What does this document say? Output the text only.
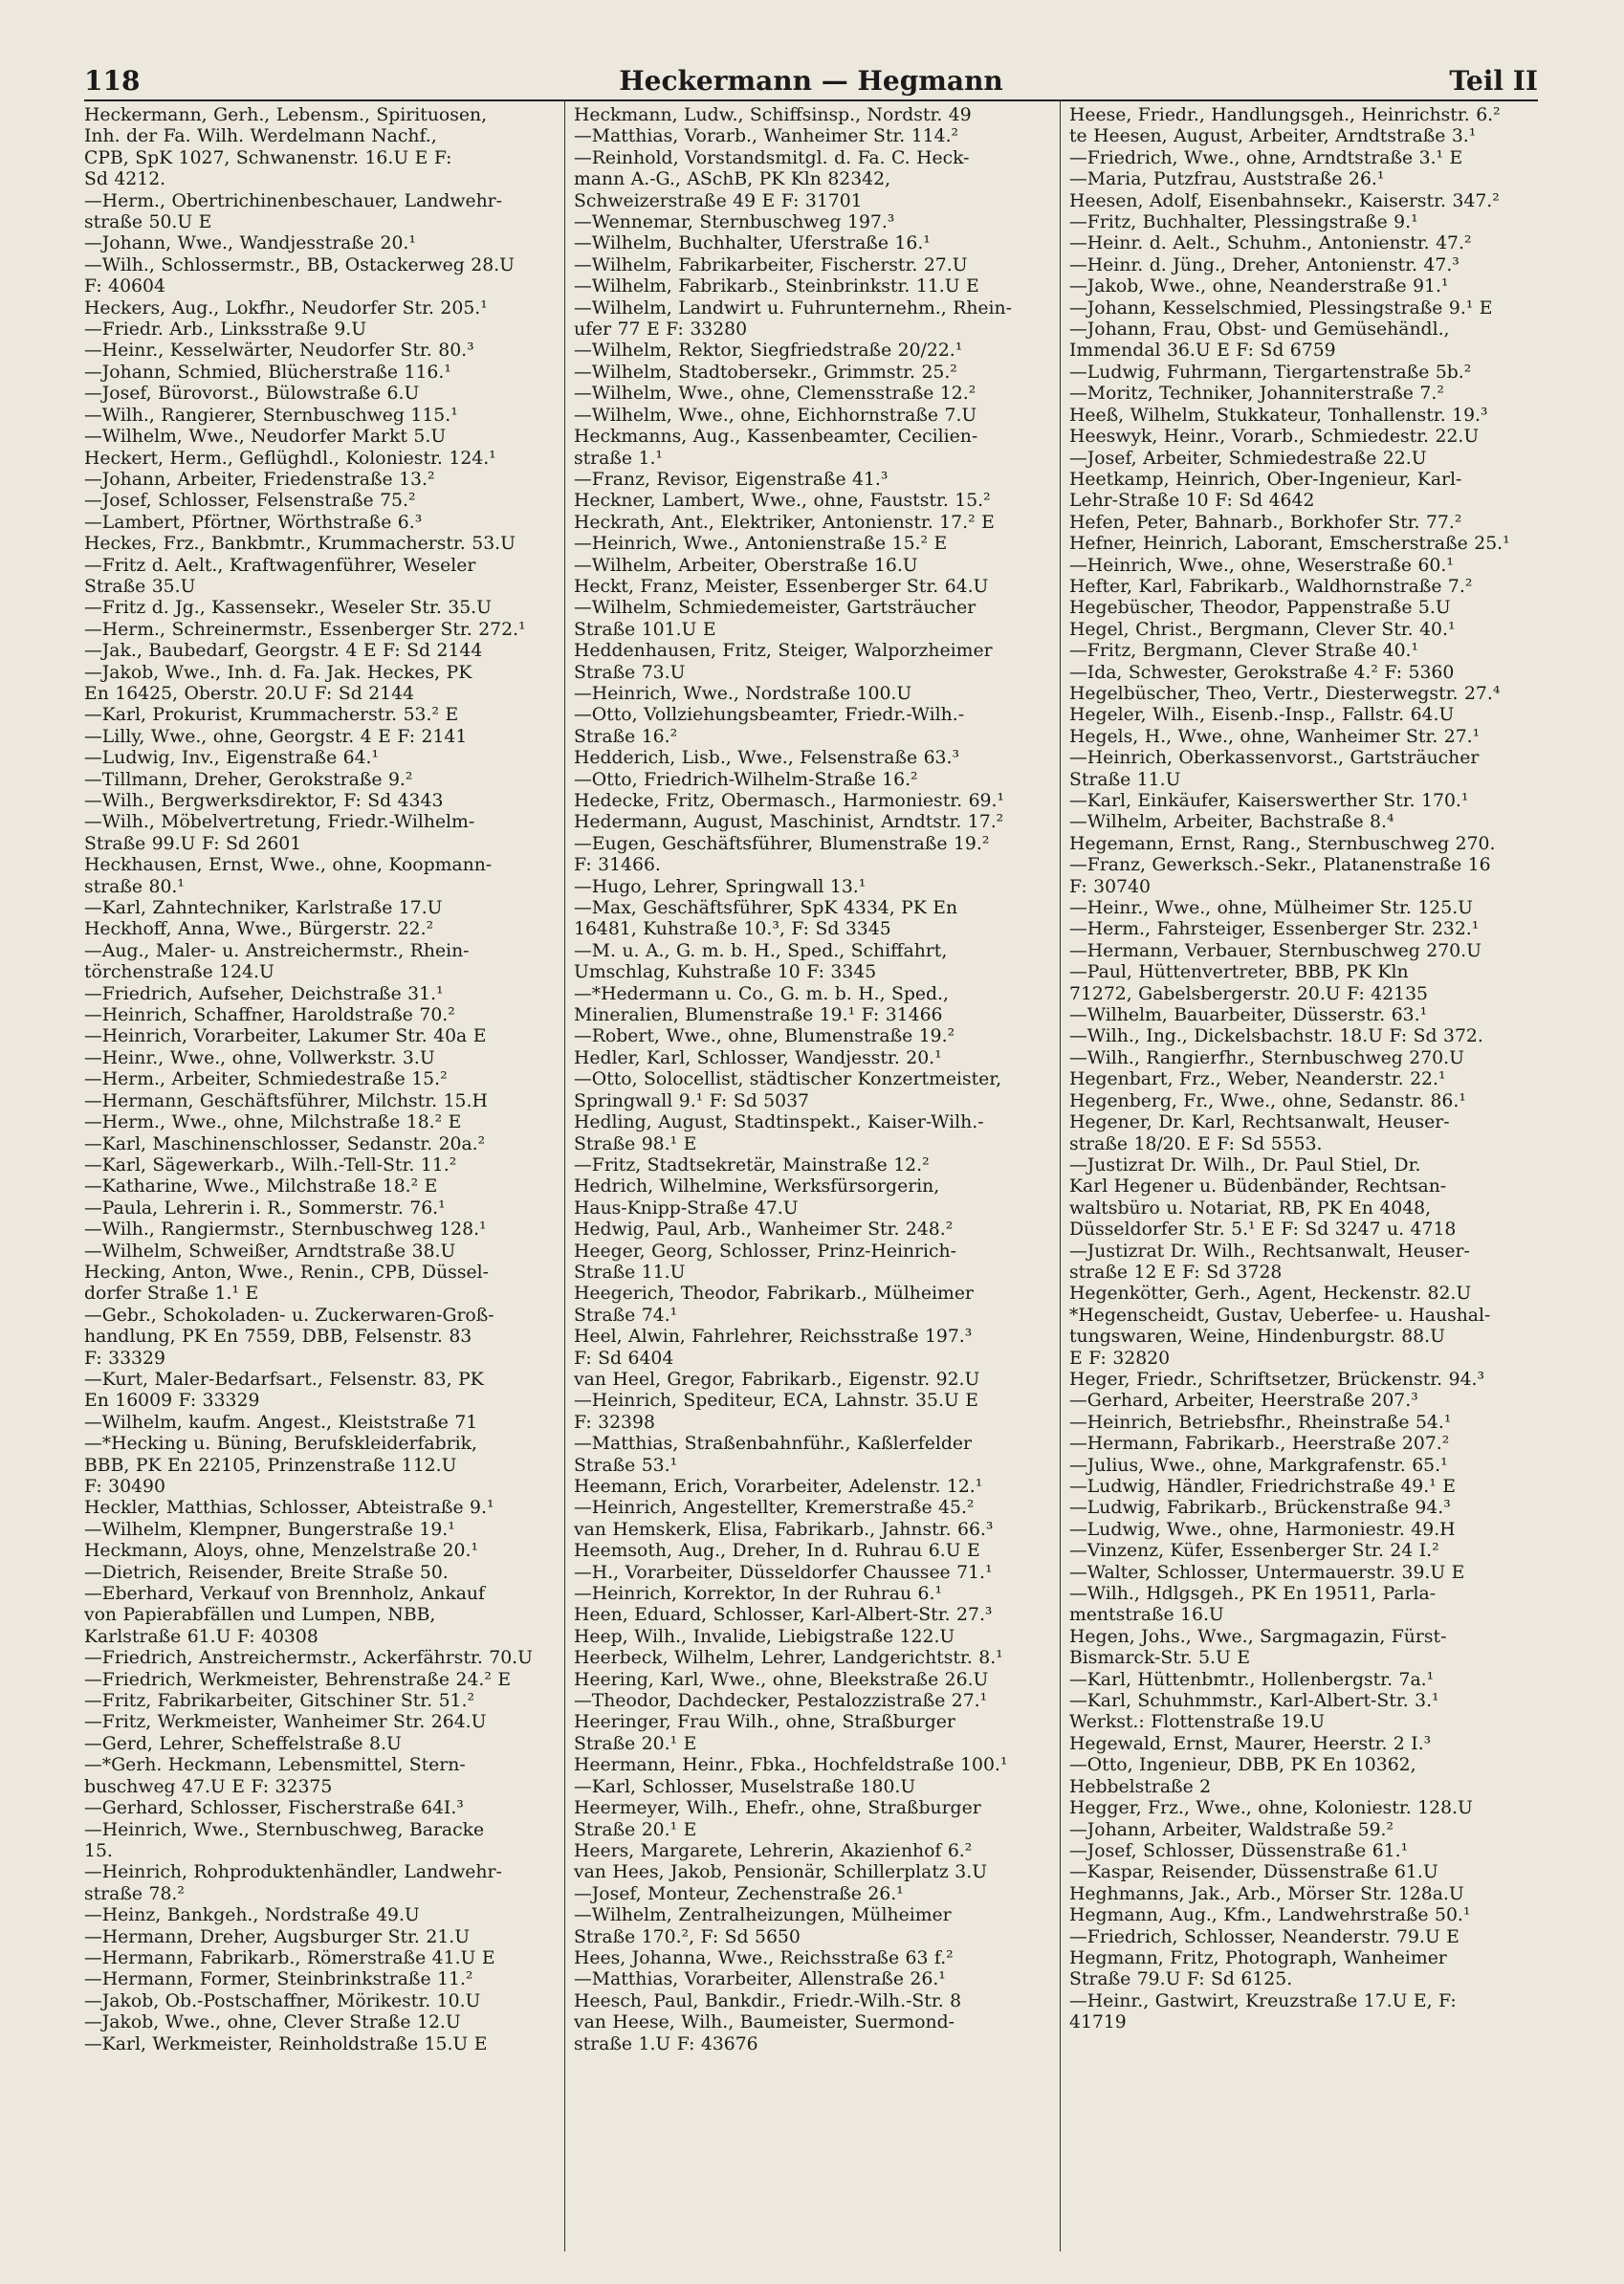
118	Heckermann — Hegmann	Teil II
Heckermann, Gerh., Lebensm., Spirituosen,
Inh. der Fa. Wilh. Werdelmann Nachf.,
CPB, SpK 1027, Schwanenstr. 16.U E F:
Sd 4212.
—Herm., Obertrichinenbeschauer, Landwehr-
straße 50.U E
—Johann, Wwe., Wandjesstraße 20.¹
—Wilh., Schlossermstr., BB, Ostackerweg 28.U
F: 40604
Heckers, Aug., Lokfhr., Neudorfer Str. 205.¹
—Friedr. Arb., Linksstraße 9.U
—Heinr., Kesselwärter, Neudorfer Str. 80.³
—Johann, Schmied, Blücherstraße 116.¹
—Josef, Bürovorst., Bülowstraße 6.U
—Wilh., Rangierer, Sternbuschweg 115.¹
—Wilhelm, Wwe., Neudorfer Markt 5.U
Heckert, Herm., Geflüghdl., Koloniestr. 124.¹
—Johann, Arbeiter, Friedenstraße 13.²
—Josef, Schlosser, Felsenstraße 75.²
—Lambert, Pförtner, Wörthstraße 6.³
Heckes, Frz., Bankbmtr., Krummacherstr. 53.U
—Fritz d. Aelt., Kraftwagenführer, Weseler
Straße 35.U
—Fritz d. Jg., Kassensekr., Weseler Str. 35.U
—Herm., Schreinermstr., Essenberger Str. 272.¹
—Jak., Baubedarf, Georgstr. 4 E F: Sd 2144
—Jakob, Wwe., Inh. d. Fa. Jak. Heckes, PK
En 16425, Oberstr. 20.U F: Sd 2144
—Karl, Prokurist, Krummacherstr. 53.² E
—Lilly, Wwe., ohne, Georgstr. 4 E F: 2141
—Ludwig, Inv., Eigenstraße 64.¹
—Tillmann, Dreher, Gerokstraße 9.²
—Wilh., Bergwerksdirektor, F: Sd 4343
—Wilh., Möbelvertretung, Friedr.-Wilhelm-
Straße 99.U F: Sd 2601
Heckhausen, Ernst, Wwe., ohne, Koopmann-
straße 80.¹
—Karl, Zahntechniker, Karlstraße 17.U
Heckhoff, Anna, Wwe., Bürgerstr. 22.²
—Aug., Maler- u. Anstreichermstr., Rhein-
törchenstraße 124.U
—Friedrich, Aufseher, Deichstraße 31.¹
—Heinrich, Schaffner, Haroldstraße 70.²
—Heinrich, Vorarbeiter, Lakumer Str. 40a E
—Heinr., Wwe., ohne, Vollwerkstr. 3.U
—Herm., Arbeiter, Schmiedestraße 15.²
—Hermann, Geschäftsführer, Milchstr. 15.H
—Herm., Wwe., ohne, Milchstraße 18.² E
—Karl, Maschinenschlosser, Sedanstr. 20a.²
—Karl, Sägewerkarb., Wilh.-Tell-Str. 11.²
—Katharine, Wwe., Milchstraße 18.² E
—Paula, Lehrerin i. R., Sommerstr. 76.¹
—Wilh., Rangiermstr., Sternbuschweg 128.¹
—Wilhelm, Schweißer, Arndtstraße 38.U
Hecking, Anton, Wwe., Renin., CPB, Düssel-
dorfer Straße 1.¹ E
—Gebr., Schokoladen- u. Zuckerwaren-Groß-
handlung, PK En 7559, DBB, Felsenstr. 83
F: 33329
—Kurt, Maler-Bedarfsart., Felsenstr. 83, PK
En 16009 F: 33329
—Wilhelm, kaufm. Angest., Kleiststraße 71
—*Hecking u. Büning, Berufskleiderfabrik,
BBB, PK En 22105, Prinzenstraße 112.U
F: 30490
Heckler, Matthias, Schlosser, Abteistraße 9.¹
—Wilhelm, Klempner, Bungerstraße 19.¹
Heckmann, Aloys, ohne, Menzelstraße 20.¹
—Dietrich, Reisender, Breite Straße 50.
—Eberhard, Verkauf von Brennholz, Ankauf
von Papierabfällen und Lumpen, NBB,
Karlstraße 61.U F: 40308
—Friedrich, Anstreichermstr., Ackerfährstr. 70.U
—Friedrich, Werkmeister, Behrenstraße 24.² E
—Fritz, Fabrikarbeiter, Gitschiner Str. 51.²
—Fritz, Werkmeister, Wanheimer Str. 264.U
—Gerd, Lehrer, Scheffelstraße 8.U
—*Gerh. Heckmann, Lebensmittel, Stern-
buschweg 47.U E F: 32375
—Gerhard, Schlosser, Fischerstraße 64I.³
—Heinrich, Wwe., Sternbuschweg, Baracke
15.
—Heinrich, Rohproduktenhändler, Landwehr-
straße 78.²
—Heinz, Bankgeh., Nordstraße 49.U
—Hermann, Dreher, Augsburger Str. 21.U
—Hermann, Fabrikarb., Römerstraße 41.U E
—Hermann, Former, Steinbrinkstraße 11.²
—Jakob, Ob.-Postschaffner, Mörikestr. 10.U
—Jakob, Wwe., ohne, Clever Straße 12.U
—Karl, Werkmeister, Reinholdstraße 15.U E
Heckmann, Ludw., Schiffsinsp., Nordstr. 49
—Matthias, Vorarb., Wanheimer Str. 114.²
—Reinhold, Vorstandsmitgl. d. Fa. C. Heck-
mann A.-G., ASchB, PK Kln 82342,
Schweizerstraße 49 E F: 31701
—Wennemar, Sternbuschweg 197.³
—Wilhelm, Buchhalter, Uferstraße 16.¹
—Wilhelm, Fabrikarbeiter, Fischerstr. 27.U
—Wilhelm, Fabrikarb., Steinbrinkstr. 11.U E
—Wilhelm, Landwirt u. Fuhrunternehm., Rhein-
ufer 77 E F: 33280
—Wilhelm, Rektor, Siegfriedstraße 20/22.¹
—Wilhelm, Stadtobersekr., Grimmstr. 25.²
—Wilhelm, Wwe., ohne, Clemensstraße 12.²
—Wilhelm, Wwe., ohne, Eichhornstraße 7.U
Heckmanns, Aug., Kassenbeamter, Cecilien-
straße 1.¹
—Franz, Revisor, Eigenstraße 41.³
Heckner, Lambert, Wwe., ohne, Fauststr. 15.²
Heckrath, Ant., Elektriker, Antonienstr. 17.² E
—Heinrich, Wwe., Antonienstraße 15.² E
—Wilhelm, Arbeiter, Oberstraße 16.U
Heckt, Franz, Meister, Essenberger Str. 64.U
—Wilhelm, Schmiedemeister, Gartsträucher
Straße 101.U E
Heddenhausen, Fritz, Steiger, Walporzheimer
Straße 73.U
—Heinrich, Wwe., Nordstraße 100.U
—Otto, Vollziehungsbeamter, Friedr.-Wilh.-
Straße 16.²
Hedderich, Lisb., Wwe., Felsenstraße 63.³
—Otto, Friedrich-Wilhelm-Straße 16.²
Hedecke, Fritz, Obermasch., Harmoniestr. 69.¹
Hedermann, August, Maschinist, Arndtstr. 17.²
—Eugen, Geschäftsführer, Blumenstraße 19.²
F: 31466.
—Hugo, Lehrer, Springwall 13.¹
—Max, Geschäftsführer, SpK 4334, PK En
16481, Kuhstraße 10.³, F: Sd 3345
—M. u. A., G. m. b. H., Sped., Schiffahrt,
Umschlag, Kuhstraße 10 F: 3345
—*Hedermann u. Co., G. m. b. H., Sped.,
Mineralien, Blumenstraße 19.¹ F: 31466
—Robert, Wwe., ohne, Blumenstraße 19.²
Hedler, Karl, Schlosser, Wandjesstr. 20.¹
—Otto, Solocellist, städtischer Konzertmeister,
Springwall 9.¹ F: Sd 5037
Hedling, August, Stadtinspekt., Kaiser-Wilh.-
Straße 98.¹ E
—Fritz, Stadtsekretär, Mainstraße 12.²
Hedrich, Wilhelmine, Werksfürsorgerin,
Haus-Knipp-Straße 47.U
Hedwig, Paul, Arb., Wanheimer Str. 248.²
Heeger, Georg, Schlosser, Prinz-Heinrich-
Straße 11.U
Heegerich, Theodor, Fabrikarb., Mülheimer
Straße 74.¹
Heel, Alwin, Fahrlehrer, Reichsstraße 197.³
F: Sd 6404
van Heel, Gregor, Fabrikarb., Eigenstr. 92.U
—Heinrich, Spediteur, ECA, Lahnstr. 35.U E
F: 32398
—Matthias, Straßenbahnführ., Kaßlerfelder
Straße 53.¹
Heemann, Erich, Vorarbeiter, Adelenstr. 12.¹
—Heinrich, Angestellter, Kremerstraße 45.²
van Hemskerk, Elisa, Fabrikarb., Jahnstr. 66.³
Heemsoth, Aug., Dreher, In d. Ruhrau 6.U E
—H., Vorarbeiter, Düsseldorfer Chaussee 71.¹
—Heinrich, Korrektor, In der Ruhrau 6.¹
Heen, Eduard, Schlosser, Karl-Albert-Str. 27.³
Heep, Wilh., Invalide, Liebigstraße 122.U
Heerbeck, Wilhelm, Lehrer, Landgerichtstr. 8.¹
Heering, Karl, Wwe., ohne, Bleekstraße 26.U
—Theodor, Dachdecker, Pestalozzistraße 27.¹
Heeringer, Frau Wilh., ohne, Straßburger
Straße 20.¹ E
Heermann, Heinr., Fbka., Hochfeldstraße 100.¹
—Karl, Schlosser, Muselstraße 180.U
Heermeyer, Wilh., Ehefr., ohne, Straßburger
Straße 20.¹ E
Heers, Margarete, Lehrerin, Akazienhof 6.²
van Hees, Jakob, Pensionär, Schillerplatz 3.U
—Josef, Monteur, Zechenstraße 26.¹
—Wilhelm, Zentralheizungen, Mülheimer
Straße 170.², F: Sd 5650
Hees, Johanna, Wwe., Reichsstraße 63 f.²
—Matthias, Vorarbeiter, Allenstraße 26.¹
Heesch, Paul, Bankdir., Friedr.-Wilh.-Str. 8
van Heese, Wilh., Baumeister, Suermond-
straße 1.U F: 43676
Heese, Friedr., Handlungsgeh., Heinrichstr. 6.²
te Heesen, August, Arbeiter, Arndtstraße 3.¹
—Friedrich, Wwe., ohne, Arndtstraße 3.¹ E
—Maria, Putzfrau, Auststraße 26.¹
Heesen, Adolf, Eisenbahnsekr., Kaiserstr. 347.²
—Fritz, Buchhalter, Plessingstraße 9.¹
—Heinr. d. Aelt., Schuhm., Antonienstr. 47.²
—Heinr. d. Jüng., Dreher, Antonienstr. 47.³
—Jakob, Wwe., ohne, Neanderstraße 91.¹
—Johann, Kesselschmied, Plessingstraße 9.¹ E
—Johann, Frau, Obst- und Gemüsehändl.,
Immendal 36.U E F: Sd 6759
—Ludwig, Fuhrmann, Tiergartenstraße 5b.²
—Moritz, Techniker, Johanniterstraße 7.²
Heeß, Wilhelm, Stukkateur, Tonhallenstr. 19.³
Heeswyk, Heinr., Vorarb., Schmiedestr. 22.U
—Josef, Arbeiter, Schmiedestraße 22.U
Heetkamp, Heinrich, Ober-Ingenieur, Karl-
Lehr-Straße 10 F: Sd 4642
Hefen, Peter, Bahnarb., Borkhofer Str. 77.²
Hefner, Heinrich, Laborant, Emscherstraße 25.¹
—Heinrich, Wwe., ohne, Weserstraße 60.¹
Hefter, Karl, Fabrikarb., Waldhornstraße 7.²
Hegebüscher, Theodor, Pappenstraße 5.U
Hegel, Christ., Bergmann, Clever Str. 40.¹
—Fritz, Bergmann, Clever Straße 40.¹
—Ida, Schwester, Gerokstraße 4.² F: 5360
Hegelbüscher, Theo, Vertr., Diesterwegstr. 27.⁴
Hegeler, Wilh., Eisenb.-Insp., Fallstr. 64.U
Hegels, H., Wwe., ohne, Wanheimer Str. 27.¹
—Heinrich, Oberkassenvorst., Gartsträucher
Straße 11.U
—Karl, Einkäufer, Kaiserswerther Str. 170.¹
—Wilhelm, Arbeiter, Bachstraße 8.⁴
Hegemann, Ernst, Rang., Sternbuschweg 270.
—Franz, Gewerksch.-Sekr., Platanenstraße 16
F: 30740
—Heinr., Wwe., ohne, Mülheimer Str. 125.U
—Herm., Fahrsteiger, Essenberger Str. 232.¹
—Hermann, Verbauer, Sternbuschweg 270.U
—Paul, Hüttenvertreter, BBB, PK Kln
71272, Gabelsbergerstr. 20.U F: 42135
—Wilhelm, Bauarbeiter, Düsserstr. 63.¹
—Wilh., Ing., Dickelsbachstr. 18.U F: Sd 372.
—Wilh., Rangierfhr., Sternbuschweg 270.U
Hegenbart, Frz., Weber, Neanderstr. 22.¹
Hegenberg, Fr., Wwe., ohne, Sedanstr. 86.¹
Hegener, Dr. Karl, Rechtsanwalt, Heuser-
straße 18/20. E F: Sd 5553.
—Justizrat Dr. Wilh., Dr. Paul Stiel, Dr.
Karl Hegener u. Büdenbänder, Rechtsan-
waltsbüro u. Notariat, RB, PK En 4048,
Düsseldorfer Str. 5.¹ E F: Sd 3247 u. 4718
—Justizrat Dr. Wilh., Rechtsanwalt, Heuser-
straße 12 E F: Sd 3728
Hegenkötter, Gerh., Agent, Heckenstr. 82.U
*Hegenscheidt, Gustav, Ueberfee- u. Haushal-
tungswaren, Weine, Hindenburgstr. 88.U
E F: 32820
Heger, Friedr., Schriftsetzer, Brückenstr. 94.³
—Gerhard, Arbeiter, Heerstraße 207.³
—Heinrich, Betriebsfhr., Rheinstraße 54.¹
—Hermann, Fabrikarb., Heerstraße 207.²
—Julius, Wwe., ohne, Markgrafenstr. 65.¹
—Ludwig, Händler, Friedrichstraße 49.¹ E
—Ludwig, Fabrikarb., Brückenstraße 94.³
—Ludwig, Wwe., ohne, Harmoniestr. 49.H
—Vinzenz, Küfer, Essenberger Str. 24 I.²
—Walter, Schlosser, Untermauerstr. 39.U E
—Wilh., Hdlgsgeh., PK En 19511, Parla-
mentstraße 16.U
Hegen, Johs., Wwe., Sargmagazin, Fürst-
Bismarck-Str. 5.U E
—Karl, Hüttenbmtr., Hollenbergstr. 7a.¹
—Karl, Schuhmmstr., Karl-Albert-Str. 3.¹
Werkst.: Flottenstraße 19.U
Hegewald, Ernst, Maurer, Heerstr. 2 I.³
—Otto, Ingenieur, DBB, PK En 10362,
Hebbelstraße 2
Hegger, Frz., Wwe., ohne, Koloniestr. 128.U
—Johann, Arbeiter, Waldstraße 59.²
—Josef, Schlosser, Düssenstraße 61.¹
—Kaspar, Reisender, Düssenstraße 61.U
Heghmanns, Jak., Arb., Mörser Str. 128a.U
Hegmann, Aug., Kfm., Landwehrstraße 50.¹
—Friedrich, Schlosser, Neanderstr. 79.U E
Hegmann, Fritz, Photograph, Wanheimer
Straße 79.U F: Sd 6125.
—Heinr., Gastwirt, Kreuzstraße 17.U E, F:
41719
